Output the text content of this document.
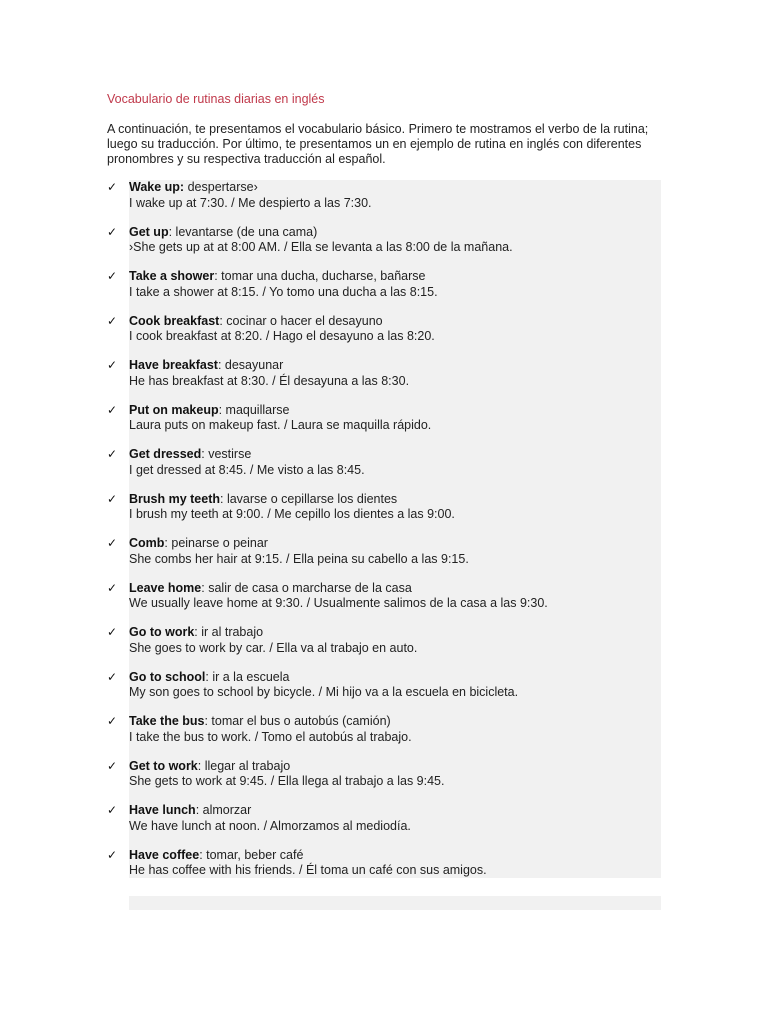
Vocabulario de rutinas diarias en inglés
A continuación, te presentamos el vocabulario básico. Primero te mostramos el verbo de la rutina; luego su traducción. Por último, te presentamos un en ejemplo de rutina en inglés con diferentes pronombres y su respectiva traducción al español.
✓ Wake up: despertarse›
I wake up at 7:30. / Me despierto a las 7:30.
✓ Get up: levantarse (de una cama)
›She gets up at at 8:00 AM. / Ella se levanta a las 8:00 de la mañana.
✓ Take a shower: tomar una ducha, ducharse, bañarse
I take a shower at 8:15. / Yo tomo una ducha a las 8:15.
✓ Cook breakfast: cocinar o hacer el desayuno
I cook breakfast at 8:20. / Hago el desayuno a las 8:20.
✓ Have breakfast: desayunar
He has breakfast at 8:30. / Él desayuna a las 8:30.
✓ Put on makeup: maquillarse
Laura puts on makeup fast. / Laura se maquilla rápido.
✓ Get dressed: vestirse
I get dressed at 8:45. / Me visto a las 8:45.
✓ Brush my teeth: lavarse o cepillarse los dientes
I brush my teeth at 9:00. / Me cepillo los dientes a las 9:00.
✓ Comb: peinarse o peinar
She combs her hair at 9:15. / Ella peina su cabello a las 9:15.
✓ Leave home: salir de casa o marcharse de la casa
We usually leave home at 9:30. / Usualmente salimos de la casa a las 9:30.
✓ Go to work: ir al trabajo
She goes to work by car. / Ella va al trabajo en auto.
✓ Go to school: ir a la escuela
My son goes to school by bicycle. / Mi hijo va a la escuela en bicicleta.
✓ Take the bus: tomar el bus o autobús (camión)
I take the bus to work. / Tomo el autobús al trabajo.
✓ Get to work: llegar al trabajo
She gets to work at 9:45. / Ella llega al trabajo a las 9:45.
✓ Have lunch: almorzar
We have lunch at noon. / Almorzamos al mediodía.
✓ Have coffee: tomar, beber café
He has coffee with his friends. / Él toma un café con sus amigos.
